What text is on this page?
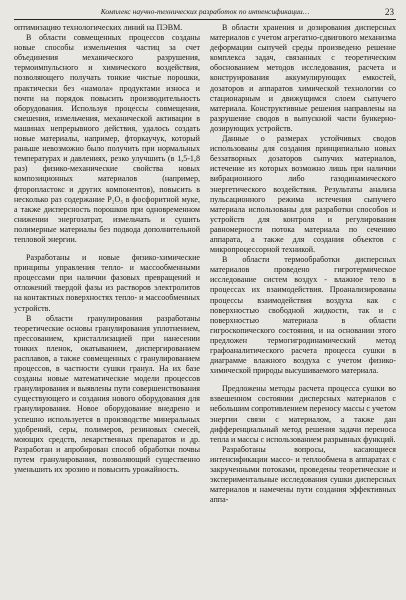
Комплекс научно-технических разработок по интенсификации…	23

оптимизацию технологических линий на ПЭВМ.

В области совмещенных процессов созданы новые способы измельчения частиц за счет объединения механического разрушения, термоимпульсного и химического воздействия, позволяющего получать тонкие чистые порошки, практически без «намола» продуктами износа и почти на порядок повысить производительность оборудования. Используя процессы совмещения, смешения, измельчения, механической активации в машинах непрерывного действия, удалось создать новые материалы, например, фторкаучук, который раньше невозможно было получить при нормальных температурах и давлениях, резко улучшить (в 1,5-1,8 раз) физико-механические свойства новых композиционных материалов (например, фторопластокс и других компонентов), повысить в несколько раз содержание P₂O₅ в фосфоритной муке, а также дисперсность порошков при одновременном снижении энергозатрат, измельчать и сушить полимерные материалы без подвода дополнительной тепловой энергии.

Разработаны и новые физико-химические принципы управления тепло- и массообменными процессами при наличии фазовых превращений и отложений твердой фазы из растворов электролитов на контактных поверхностях тепло- и массообменных устройств.

В области гранулирования разработаны теоретические основы гранулирования уплотнением, прессованием, кристаллизацией при нанесении тонких пленок, окатыванием, диспергированием расплавов, а также совмещенных с гранулированием процессов, в частности сушки гранул. На их базе созданы новые математические модели процессов гранулирования и выявлены пути совершенствования существующего и создания нового оборудования для гранулирования. Новое оборудование внедрено и успешно используется в производстве минеральных удобрений, серы, полимеров, резиновых смесей, моющих средств, лекарственных препаратов и др. Разработан и апробирован способ обработки почвы путем гранулирования, позволяющий существенно уменьшить их эрозию и повысить урожайность.

В области хранения и дозирования дисперсных материалов с учетом агрегатно-сдвигового механизма деформации сыпучей среды произведено решение комплекса задач, связанных с теоретическим обоснованием методов исследования, расчета и конструирования аккумулирующих емкостей, дозаторов и аппаратов химической технологии со стационарным и движущимся слоем сыпучего материала. Конструктивные решения направлены на разрушение сводов в выпускной части бункерно-дозирующих устройств.

Данные о размерах устойчивых сводов использованы для создания принципиально новых беззатворных дозаторов сыпучих материалов, истечение из которых возможно лишь при наличии вибрационного либо газодинамического энергетического воздействия. Результаты анализа пульсационного режима истечения сыпучего материала использованы для разработки способов и устройств для контроля и регулирования равномерности потока материала по сечению аппарата, а также для создания объектов с микропроцессорной техникой.

В области термообработки дисперсных материалов проведено гигротермическое исследование систем воздух - влажное тело в процессах их взаимодействия. Проанализированы процессы взаимодействия воздуха как с поверхностью свободной жидкости, так и с поверхностью материала в области гигроскопического состояния, и на основании этого предложен термогигродинамический метод графоаналитического расчета процесса сушки в диаграмме влажного воздуха с учетом физико-химической природы высушиваемого материала.

Предложены методы расчета процесса сушки во взвешенном состоянии дисперсных материалов с небольшим сопротивлением переносу массы с учетом энергии связи с материалом, а также дан дифференциальный метод решения задачи переноса тепла и массы с использованием разрывных функций.

Разработаны вопросы, касающиеся интенсификации массо- и теплообмена в аппаратах с закрученными потоками, проведены теоретические и экспериментальные исследования сушки дисперсных материалов и намечены пути создания эффективных аппа-
